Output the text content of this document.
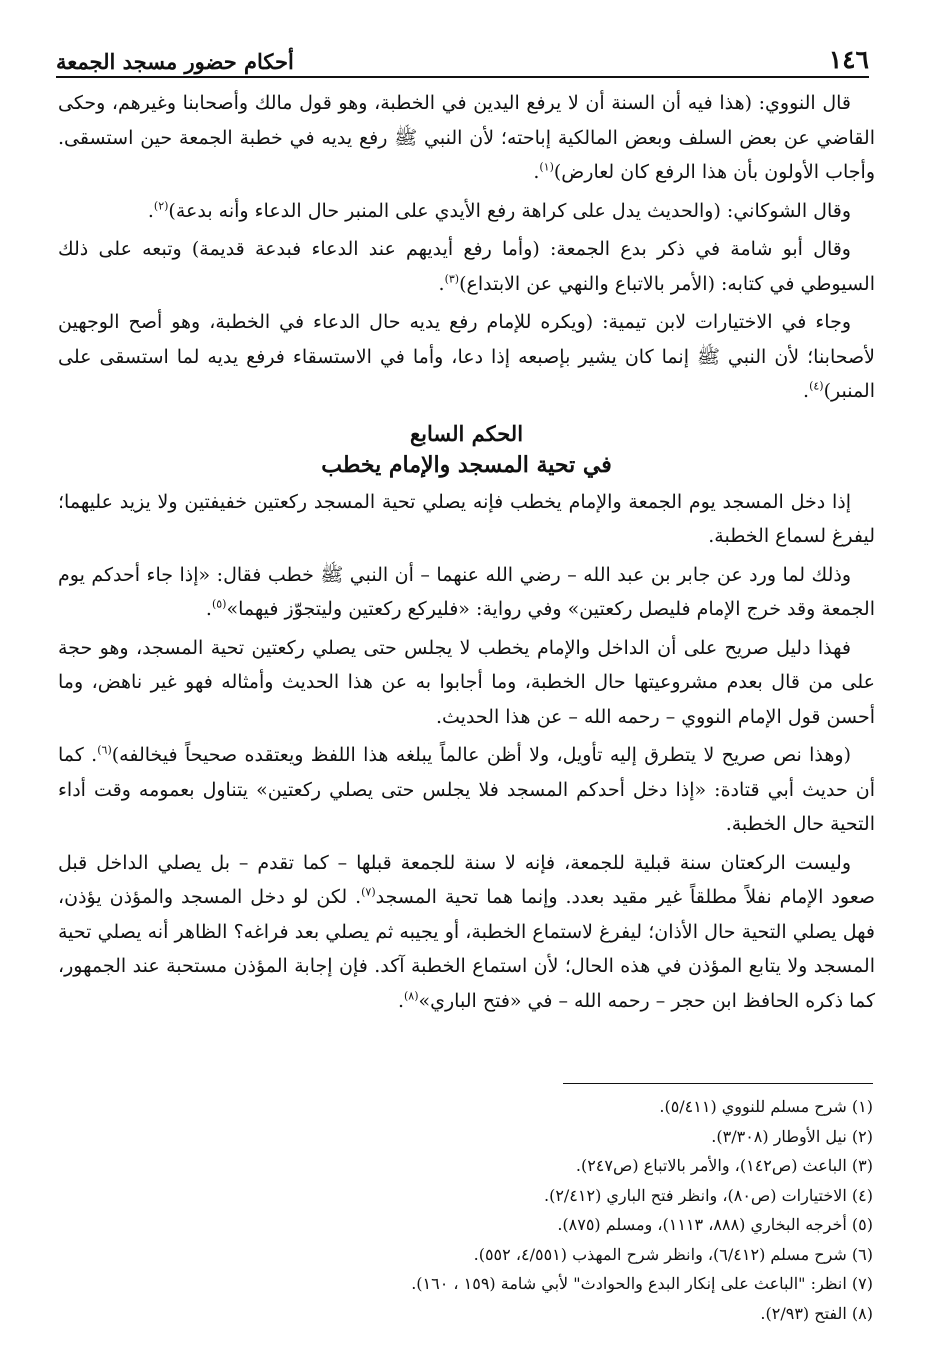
١٤٦
أحكام حضور مسجد الجمعة

قال النووي: (هذا فيه أن السنة أن لا يرفع اليدين في الخطبة، وهو قول مالك وأصحابنا وغيرهم، وحكى القاضي عن بعض السلف وبعض المالكية إباحته؛ لأن النبي ﷺ رفع يديه في خطبة الجمعة حين استسقى. وأجاب الأولون بأن هذا الرفع كان لعارض)$^{(١)}$.

وقال الشوكاني: (والحديث يدل على كراهة رفع الأيدي على المنبر حال الدعاء وأنه بدعة)$^{(٢)}$.

وقال أبو شامة في ذكر بدع الجمعة: (وأما رفع أيديهم عند الدعاء فبدعة قديمة) وتبعه على ذلك السيوطي في كتابه: (الأمر بالاتباع والنهي عن الابتداع)$^{(٣)}$.

وجاء في الاختيارات لابن تيمية: (ويكره للإمام رفع يديه حال الدعاء في الخطبة، وهو أصح الوجهين لأصحابنا؛ لأن النبي ﷺ إنما كان يشير بإصبعه إذا دعا، وأما في الاستسقاء فرفع يديه لما استسقى على المنبر)$^{(٤)}$.

الحكم السابع
في تحية المسجد والإمام يخطب

إذا دخل المسجد يوم الجمعة والإمام يخطب فإنه يصلي تحية المسجد ركعتين خفيفتين ولا يزيد عليهما؛ ليفرغ لسماع الخطبة.

وذلك لما ورد عن جابر بن عبد الله – رضي الله عنهما – أن النبي ﷺ خطب فقال: «إذا جاء أحدكم يوم الجمعة وقد خرج الإمام فليصل ركعتين» وفي رواية: «فليركع ركعتين وليتجوّز فيهما»$^{(٥)}$.

فهذا دليل صريح على أن الداخل والإمام يخطب لا يجلس حتى يصلي ركعتين تحية المسجد، وهو حجة على من قال بعدم مشروعيتها حال الخطبة، وما أجابوا به عن هذا الحديث وأمثاله فهو غير ناهض، وما أحسن قول الإمام النووي – رحمه الله – عن هذا الحديث.

(وهذا نص صريح لا يتطرق إليه تأويل، ولا أظن عالماً يبلغه هذا اللفظ ويعتقده صحيحاً فيخالفه)$^{(٦)}$. كما أن حديث أبي قتادة: «إذا دخل أحدكم المسجد فلا يجلس حتى يصلي ركعتين» يتناول بعمومه وقت أداء التحية حال الخطبة.

وليست الركعتان سنة قبلية للجمعة، فإنه لا سنة للجمعة قبلها – كما تقدم – بل يصلي الداخل قبل صعود الإمام نفلاً مطلقاً غير مقيد بعدد. وإنما هما تحية المسجد$^{(٧)}$. لكن لو دخل المسجد والمؤذن يؤذن، فهل يصلي التحية حال الأذان؛ ليفرغ لاستماع الخطبة، أو يجيبه ثم يصلي بعد فراغه؟ الظاهر أنه يصلي تحية المسجد ولا يتابع المؤذن في هذه الحال؛ لأن استماع الخطبة آكد. فإن إجابة المؤذن مستحبة عند الجمهور، كما ذكره الحافظ ابن حجر – رحمه الله – في «فتح الباري»$^{(٨)}$.

(١) شرح مسلم للنووي (٥/٤١١).
(٢) نيل الأوطار (٣/٣٠٨).
(٣) الباعث (ص١٤٢)، والأمر بالاتباع (ص٢٤٧).
(٤) الاختيارات (ص٨٠)، وانظر فتح الباري (٢/٤١٢).
(٥) أخرجه البخاري (٨٨٨، ١١١٣)، ومسلم (٨٧٥).
(٦) شرح مسلم (٦/٤١٢)، وانظر شرح المهذب (٤/٥٥١، ٥٥٢).
(٧) انظر: "الباعث على إنكار البدع والحوادث" لأبي شامة (١٥٩ ، ١٦٠).
(٨) الفتح (٢/٩٣).
